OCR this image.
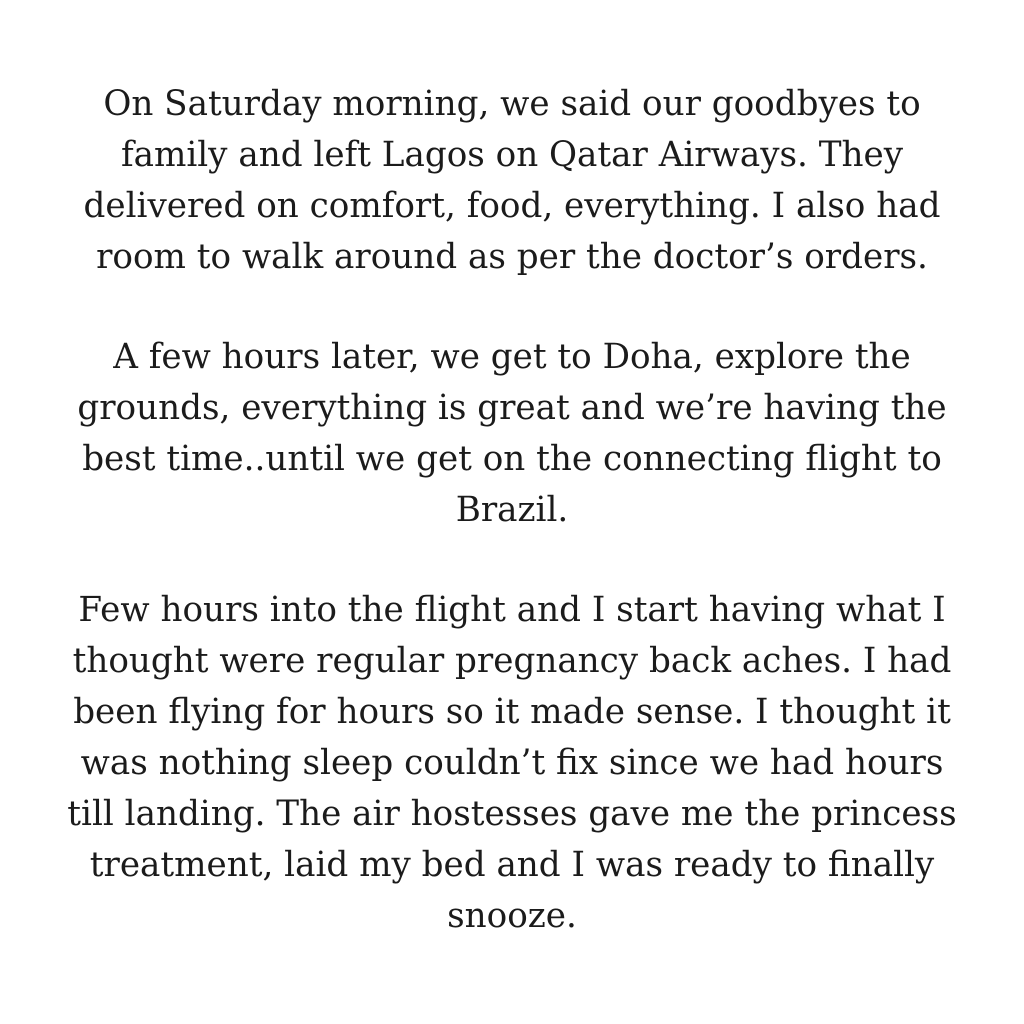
On Saturday morning, we said our goodbyes to
family and left Lagos on Qatar Airways. They
delivered on comfort, food, everything. I also had
room to walk around as per the doctor’s orders.

A few hours later, we get to Doha, explore the
grounds, everything is great and we’re having the
best time..until we get on the connecting flight to
Brazil.

Few hours into the flight and I start having what I
thought were regular pregnancy back aches. I had
been flying for hours so it made sense. I thought it
was nothing sleep couldn’t fix since we had hours
till landing. The air hostesses gave me the princess
treatment, laid my bed and I was ready to finally
snooze.
